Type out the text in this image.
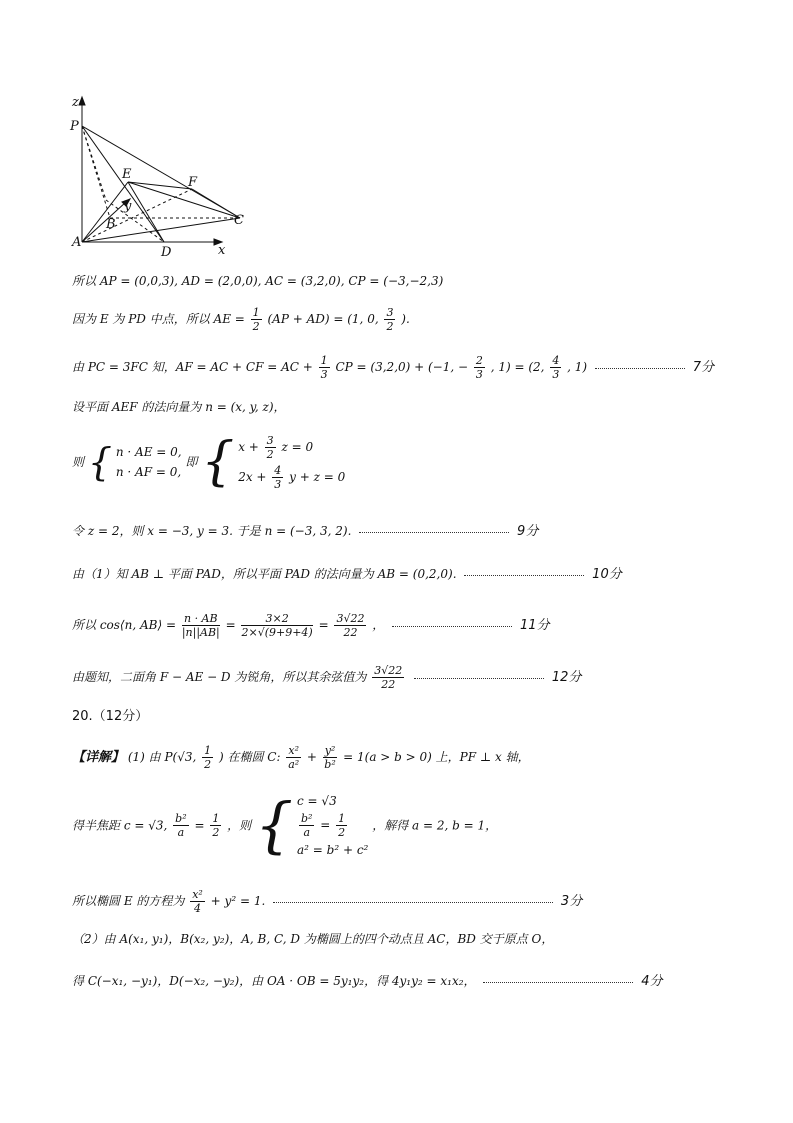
z
P
E
F
y
B	C
A
D	x
所以 AP = (0,0,3), AD = (2,0,0), AC = (3,2,0), CP = (−3,−2,3)
因为 E 为 PD 中点，所以 AE = $\frac{1}{2} (AP + AD) = (1$, 0, $\frac{3}{2}$ ).
由 PC = 3FC 知，AF = AC + CF = AC + $\frac{1}{3}$ CP = (3,2,0) + (−1, − $\frac{2}{3}$ , 1) = (2, $\frac{4}{3}$ , 1)	7分
设平面 AEF 的法向量为 n = (x, y, z)，
则 { n · AE = 0,
n · AF = 0, 即 { $x + \frac{3}{2}$ z = 0
$2x + \frac{4}{3}$ y + z = 0
令 z = 2，则 x = −3, y = 3. 于是 n = (−3, 3, 2).	9分
由（1）知 AB ⊥ 平面 PAD，所以平面 PAD 的法向量为 AB = (0,2,0).	10分
所以 cos⟨n, AB⟩ = $\frac{n \cdot AB}{|n||AB|} = \frac{3\times 2}{2\times√(9+9+4)} = \frac{3√22}{22}$ ，	11分
由题知，二面角 F − AE − D 为锐角，所以其余弦值为 $\frac{3√22}{22}$	12分
20.（12分）
【详解】 (1) 由 P(√3, $\frac{1}{2}$ ) 在椭圆 C: $\frac{\text{x²}}{\text{a²}} + \frac{\text{y²}}{\text{b²}} = 1(a > b > 0)$ 上，PF ⊥ x 轴，
得半焦距 c = √3, $\frac{\text{b²}}{a} = \frac{1}{2}$ ，则 { c = √3

$\frac{\text{b²}}{a} = \frac{1}{2}$

a² = b² + c² ，解得 a = 2, b = 1，
所以椭圆 E 的方程为 $\frac{\text{x²}}{4} + y^2 = 1$.	3分
（2）由 A(x₁, y₁)，B(x₂, y₂)，A, B, C, D 为椭圆上的四个动点且 AC，BD 交于原点 O，
得 C(−x₁, −y₁)，D(−x₂, −y₂)，由 OA · OB = 5y₁y₂，得 4y₁y₂ = x₁x₂，	4分
